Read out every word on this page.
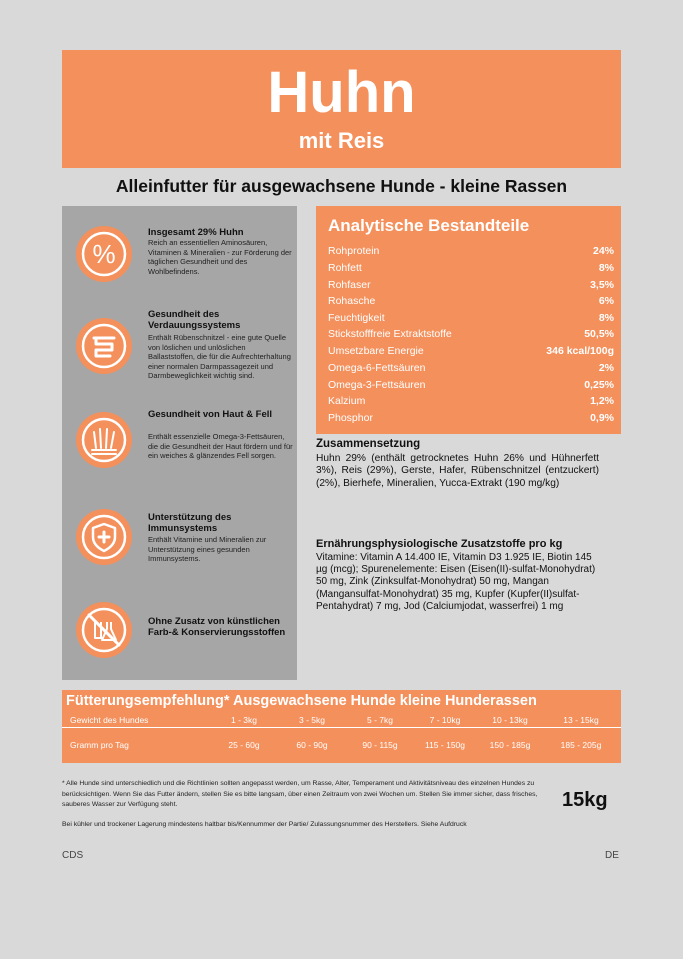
Huhn
mit Reis
Alleinfutter für ausgewachsene Hunde - kleine Rassen
%
Insgesamt 29% Huhn
Reich an essentiellen Aminosäuren, Vitaminen & Mineralien - zur Förderung der täglichen Gesundheit und des Wohlbefindens.
Gesundheit des Verdauungssystems
Enthält Rübenschnitzel - eine gute Quelle von löslichen und unlöslichen Ballaststoffen, die für die Aufrechterhaltung einer normalen Darmpassagezeit und Darmbeweglichkeit wichtig sind.
Gesundheit von Haut & Fell
Enthält essenzielle Omega-3-Fettsäuren, die die Gesundheit der Haut fördern und für ein weiches & glänzendes Fell sorgen.
Unterstützung des Immunsystems
Enthält Vitamine und Mineralien zur Unterstützung eines gesunden Immunsystems.
Ohne Zusatz von künstlichen Farb-& Konservierungsstoffen
Analytische Bestandteile
Rohprotein	24%
Rohfett	8%
Rohfaser	3,5%
Rohasche	6%
Feuchtigkeit	8%
Stickstofffreie Extraktstoffe	50,5%
Umsetzbare Energie	346 kcal/100g
Omega-6-Fettsäuren	2%
Omega-3-Fettsäuren	0,25%
Kalzium	1,2%
Phosphor	0,9%
Zusammensetzung
Huhn 29% (enthält getrocknetes Huhn 26% und Hühnerfett 3%), Reis (29%), Gerste, Hafer, Rübenschnitzel (entzuckert) (2%), Bierhefe, Mineralien, Yucca-Extrakt (190 mg/kg)
Ernährungsphysiologische Zusatzstoffe pro kg
Vitamine: Vitamin A 14.400 IE, Vitamin D3 1.925 IE, Biotin 145 µg (mcg); Spurenelemente: Eisen (Eisen(II)-sulfat-Monohydrat) 50 mg, Zink (Zinksulfat-Monohydrat) 50 mg, Mangan (Mangansulfat-Monohydrat) 35 mg, Kupfer (Kupfer(II)sulfat-Pentahydrat) 7 mg, Jod (Calciumjodat, wasserfrei) 1 mg
Fütterungsempfehlung* Ausgewachsene Hunde kleine Hunderassen
Gewicht des Hundes	1 - 3kg	3 - 5kg	5 - 7kg	7 - 10kg	10 - 13kg	13 - 15kg
Gramm pro Tag	25 - 60g	60 - 90g	90 - 115g	115 - 150g	150 - 185g	185 - 205g
* Alle Hunde sind unterschiedlich und die Richtlinien sollten angepasst werden, um Rasse, Alter, Temperament und Aktivitätsniveau des einzelnen Hundes zu berücksichtigen. Wenn Sie das Futter ändern, stellen Sie es bitte langsam, über einen Zeitraum von zwei Wochen um. Stellen Sie immer sicher, dass frisches, sauberes Wasser zur Verfügung steht.	15kg
Bei kühler und trockener Lagerung mindestens haltbar bis/Kennummer der Partie/ Zulassungsnummer des Herstellers. Siehe Aufdruck
CDS	DE
